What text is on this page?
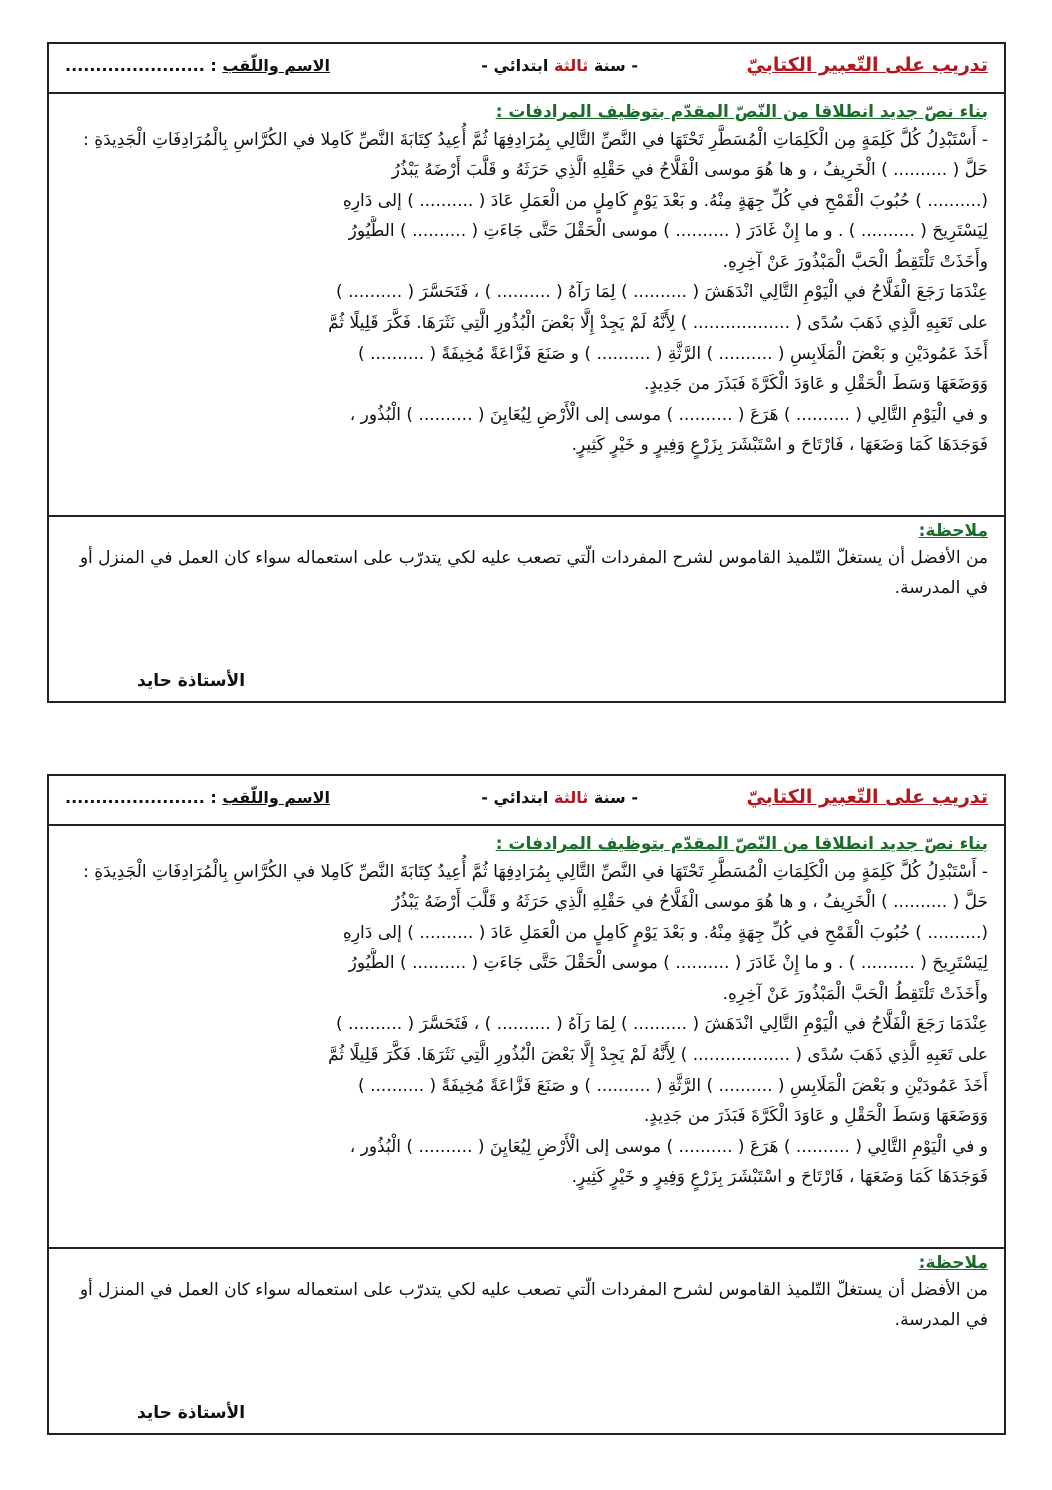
تدريب على التّعبير الكتابيّ
- سنة ثالثة ابتدائي -
الاسم واللّقب : .......................
بناء نصّ جديد انطلاقا من النّصّ المقدّم بتوظيف المرادفات :

- أَسْتَبْدِلُ كُلَّ كَلِمَةٍ مِن الْكَلِمَاتِ الْمُسَطَّرِ تَحْتَهَا في النَّصِّ التَّالِي بِمُرَادِفِهَا ثُمَّ أُعِيدُ كِتَابَةَ النَّصِّ كَامِلا في الكُرَّاسِ بِالْمُرَادِفَاتِ الْجَدِيدَةِ :

حَلَّ ( .......... ) الْخَرِيفُ ، و ها هُوَ موسى الْفَلَّاحُ في حَقْلِهِ الَّذِي حَرَثَهُ و قَلَّبَ أَرْضَهُ يَبْذُرُ
(.......... ) حُبُوبَ الْقَمْحِ في كُلِّ جِهَةٍ مِنْهُ. و بَعْدَ يَوْمٍ كَامِلٍ من الْعَمَلِ عَادَ ( .......... ) إلى دَارِهِ
لِيَسْتَرِيحَ ( .......... ) . و ما إِنْ غَادَرَ ( .......... ) موسى الْحَقْلَ حَتَّى جَاءَتِ ( .......... ) الطُّيُورُ
وأَخَذَتْ تَلْتَقِطُ الْحَبَّ الْمَبْذُورَ عَنْ آخِرِهِ.
عِنْدَمَا رَجَعَ الْفَلَّاحُ في الْيَوْمِ التَّالِي انْدَهَشَ ( .......... ) لِمَا رَآهُ ( .......... ) ، فَتَحَسَّرَ ( .......... )
على تَعَبِهِ الَّذِي ذَهَبَ سُدًى ( .................. ) لِأَنَّهُ لَمْ يَجِدْ إِلَّا بَعْضَ الْبُذُورِ الَّتِي نَثَرَهَا. فَكَّرَ قَلِيلًا ثُمَّ
أَخَذَ عَمُودَيْنِ و بَعْضَ الْمَلَابِسِ ( .......... ) الرَّثَّةِ ( .......... ) و صَنَعَ فَزَّاعَةً مُخِيفَةً ( .......... )
وَوَضَعَهَا وَسَطَ الْحَقْلِ و عَاوَدَ الْكَرَّةَ فَبَذَرَ من جَدِيدٍ.
و في الْيَوْمِ التَّالِي ( .......... ) هَرَعَ ( .......... ) موسى إلى الْأَرْضِ لِيُعَايِنَ ( .......... ) الْبُذُور ،
فَوَجَدَهَا كَمَا وَضَعَهَا ، فَارْتَاحَ و اسْتَبْشَرَ بِزَرْعٍ وَفِيرٍ و خَيْرٍ كَثِيرٍ.
ملاحظة:

من الأفضل أن يستغلّ التّلميذ القاموس لشرح المفردات الّتي تصعب عليه لكي يتدرّب على استعماله سواء كان العمل في المنزل أو في المدرسة.

الأستاذة حايد
تدريب على التّعبير الكتابيّ
- سنة ثالثة ابتدائي -
الاسم واللّقب : .......................
بناء نصّ جديد انطلاقا من النّصّ المقدّم بتوظيف المرادفات :

- أَسْتَبْدِلُ كُلَّ كَلِمَةٍ مِن الْكَلِمَاتِ الْمُسَطَّرِ تَحْتَهَا في النَّصِّ التَّالِي بِمُرَادِفِهَا ثُمَّ أُعِيدُ كِتَابَةَ النَّصِّ كَامِلا في الكُرَّاسِ بِالْمُرَادِفَاتِ الْجَدِيدَةِ :

حَلَّ ( .......... ) الْخَرِيفُ ، و ها هُوَ موسى الْفَلَّاحُ في حَقْلِهِ الَّذِي حَرَثَهُ و قَلَّبَ أَرْضَهُ يَبْذُرُ
(.......... ) حُبُوبَ الْقَمْحِ في كُلِّ جِهَةٍ مِنْهُ. و بَعْدَ يَوْمٍ كَامِلٍ من الْعَمَلِ عَادَ ( .......... ) إلى دَارِهِ
لِيَسْتَرِيحَ ( .......... ) . و ما إِنْ غَادَرَ ( .......... ) موسى الْحَقْلَ حَتَّى جَاءَتِ ( .......... ) الطُّيُورُ
وأَخَذَتْ تَلْتَقِطُ الْحَبَّ الْمَبْذُورَ عَنْ آخِرِهِ.
عِنْدَمَا رَجَعَ الْفَلَّاحُ في الْيَوْمِ التَّالِي انْدَهَشَ ( .......... ) لِمَا رَآهُ ( .......... ) ، فَتَحَسَّرَ ( .......... )
على تَعَبِهِ الَّذِي ذَهَبَ سُدًى ( .................. ) لِأَنَّهُ لَمْ يَجِدْ إِلَّا بَعْضَ الْبُذُورِ الَّتِي نَثَرَهَا. فَكَّرَ قَلِيلًا ثُمَّ
أَخَذَ عَمُودَيْنِ و بَعْضَ الْمَلَابِسِ ( .......... ) الرَّثَّةِ ( .......... ) و صَنَعَ فَزَّاعَةً مُخِيفَةً ( .......... )
وَوَضَعَهَا وَسَطَ الْحَقْلِ و عَاوَدَ الْكَرَّةَ فَبَذَرَ من جَدِيدٍ.
و في الْيَوْمِ التَّالِي ( .......... ) هَرَعَ ( .......... ) موسى إلى الْأَرْضِ لِيُعَايِنَ ( .......... ) الْبُذُور ،
فَوَجَدَهَا كَمَا وَضَعَهَا ، فَارْتَاحَ و اسْتَبْشَرَ بِزَرْعٍ وَفِيرٍ و خَيْرٍ كَثِيرٍ.
ملاحظة:

من الأفضل أن يستغلّ التّلميذ القاموس لشرح المفردات الّتي تصعب عليه لكي يتدرّب على استعماله سواء كان العمل في المنزل أو في المدرسة.

الأستاذة حايد
